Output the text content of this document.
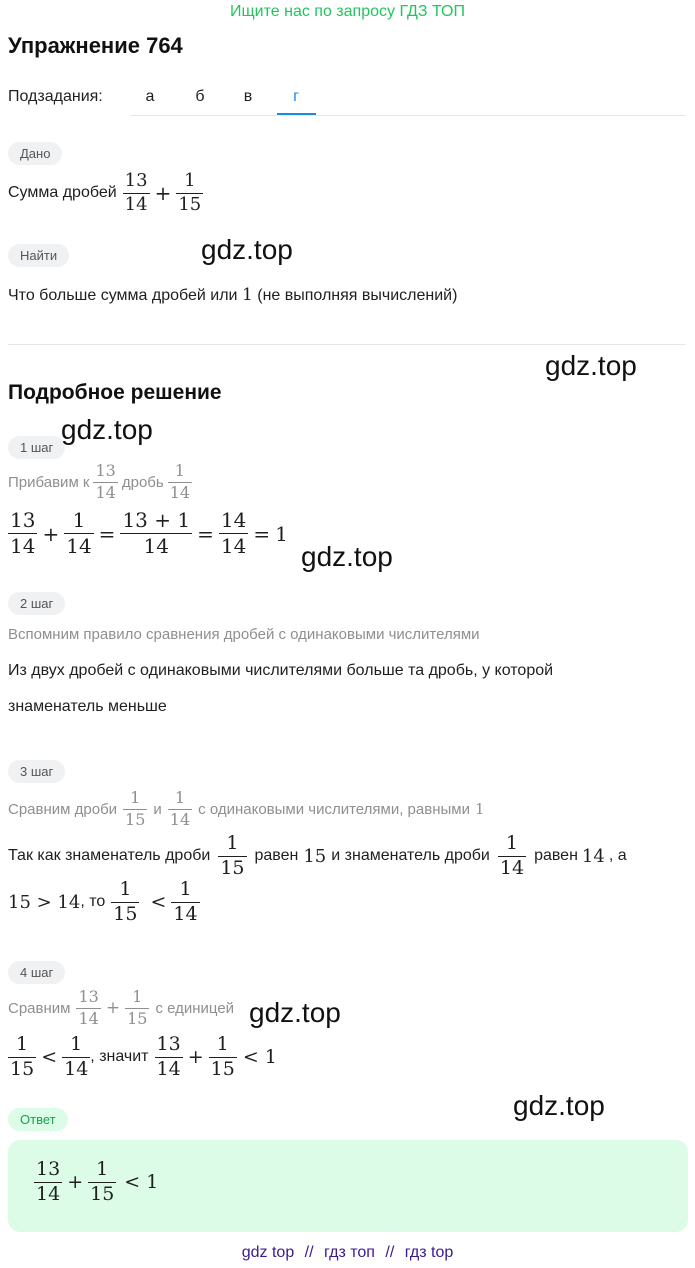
Ищите нас по запросу ГДЗ ТОП
Упражнение 764
Подзадания:	а	б	в	г
Дано
Сумма дробей $\frac{13}{14} + \frac{1}{15}$
Найти	gdz.top
Что больше сумма дробей или 1 (не выполняя вычислений)
gdz.top
Подробное решение
1 шаг
gdz.top
Прибавим к $\frac{13}{14}$ дробь $\frac{1}{14}$
$\frac{13}{14} + \frac{1}{14} = \frac{13 + 1}{14} = \frac{14}{14} = 1$
gdz.top
2 шаг
Вспомним правило сравнения дробей с одинаковыми числителями
Из двух дробей с одинаковыми числителями больше та дробь, у которой
знаменатель меньше
3 шаг
Сравним дроби $\frac{1}{15}$ и $\frac{1}{14}$ с одинаковыми числителями, равными 1
Так как знаменатель дроби $\frac{1}{15}$ равен 15 и знаменатель дроби $\frac{1}{14}$ равен 14 , а
15 > 14 , то $\frac{1}{15} < \frac{1}{14}$
4 шаг
Сравним $\frac{13}{14} + \frac{1}{15}$ с единицей gdz.top
$\frac{1}{15} < \frac{1}{14}$ , значит $\frac{13}{14} + \frac{1}{15} < 1$
gdz.top
Ответ
$\frac{13}{14} + \frac{1}{15} < 1$
gdz top // гдз топ // гдз top
